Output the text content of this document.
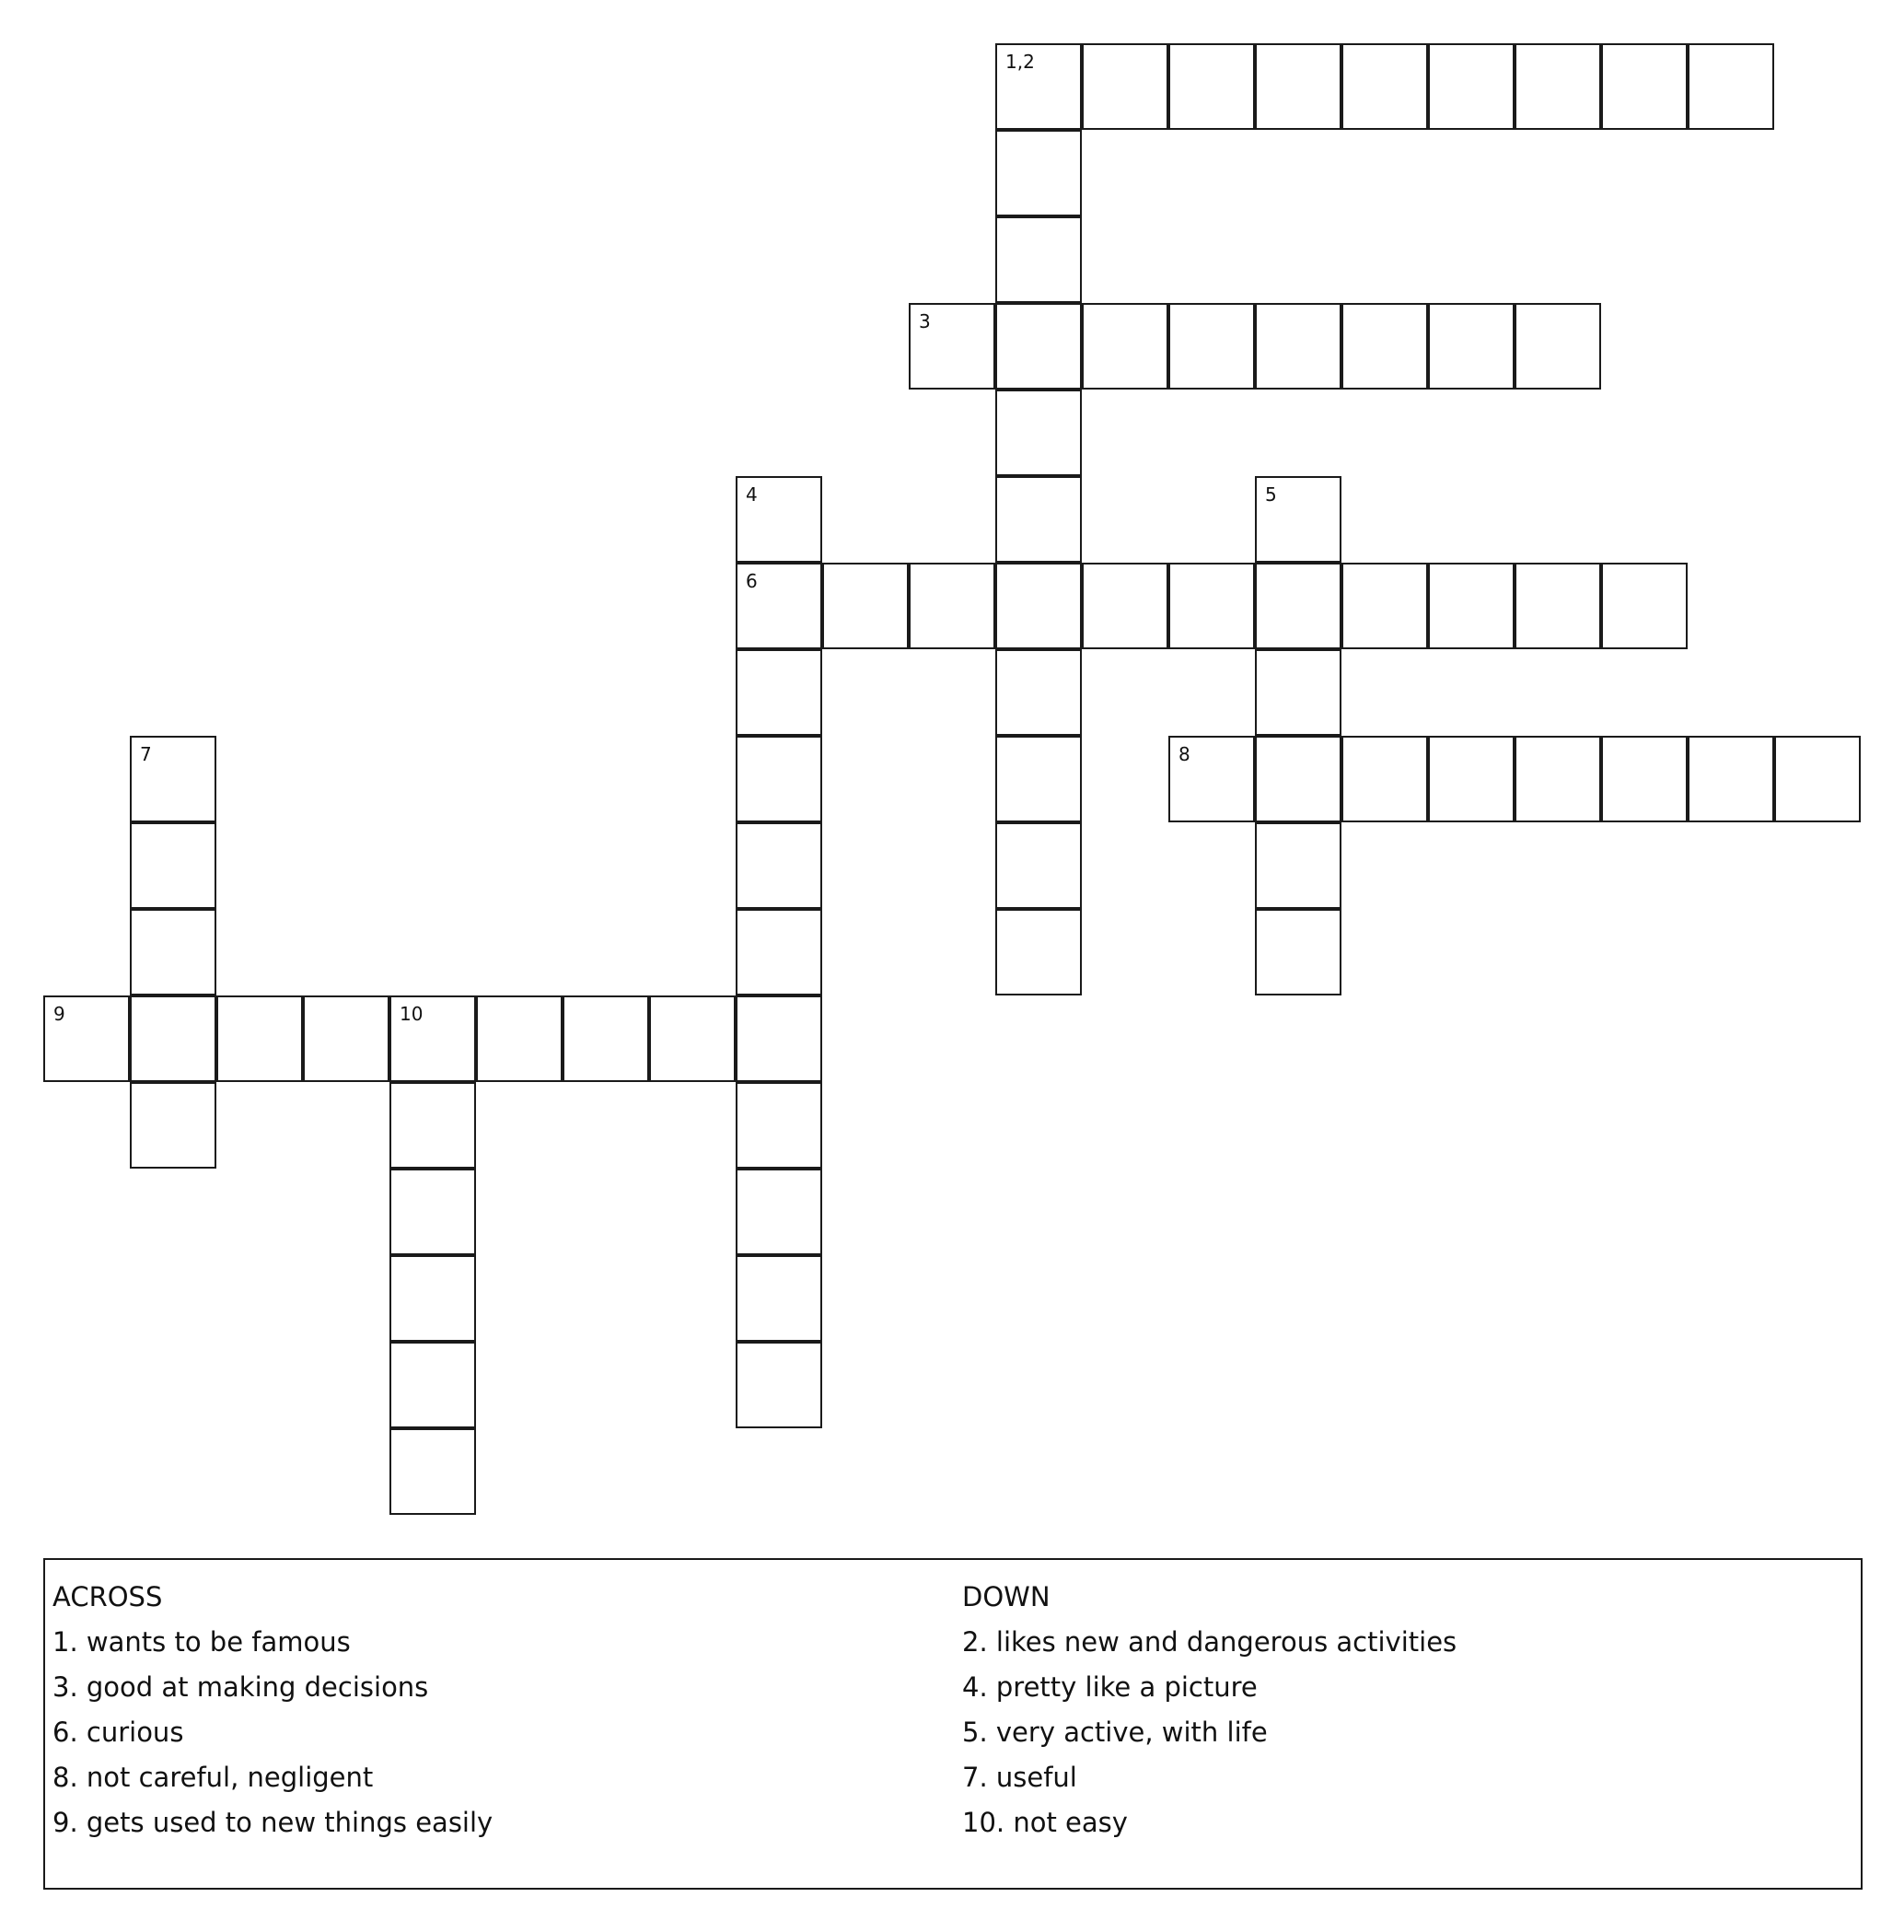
1,2
3
4	5
6
7	8
9	10
ACROSS
1. wants to be famous
3. good at making decisions
6. curious
8. not careful, negligent
9. gets used to new things easily
DOWN
2. likes new and dangerous activities
4. pretty like a picture
5. very active, with life
7. useful
10. not easy
